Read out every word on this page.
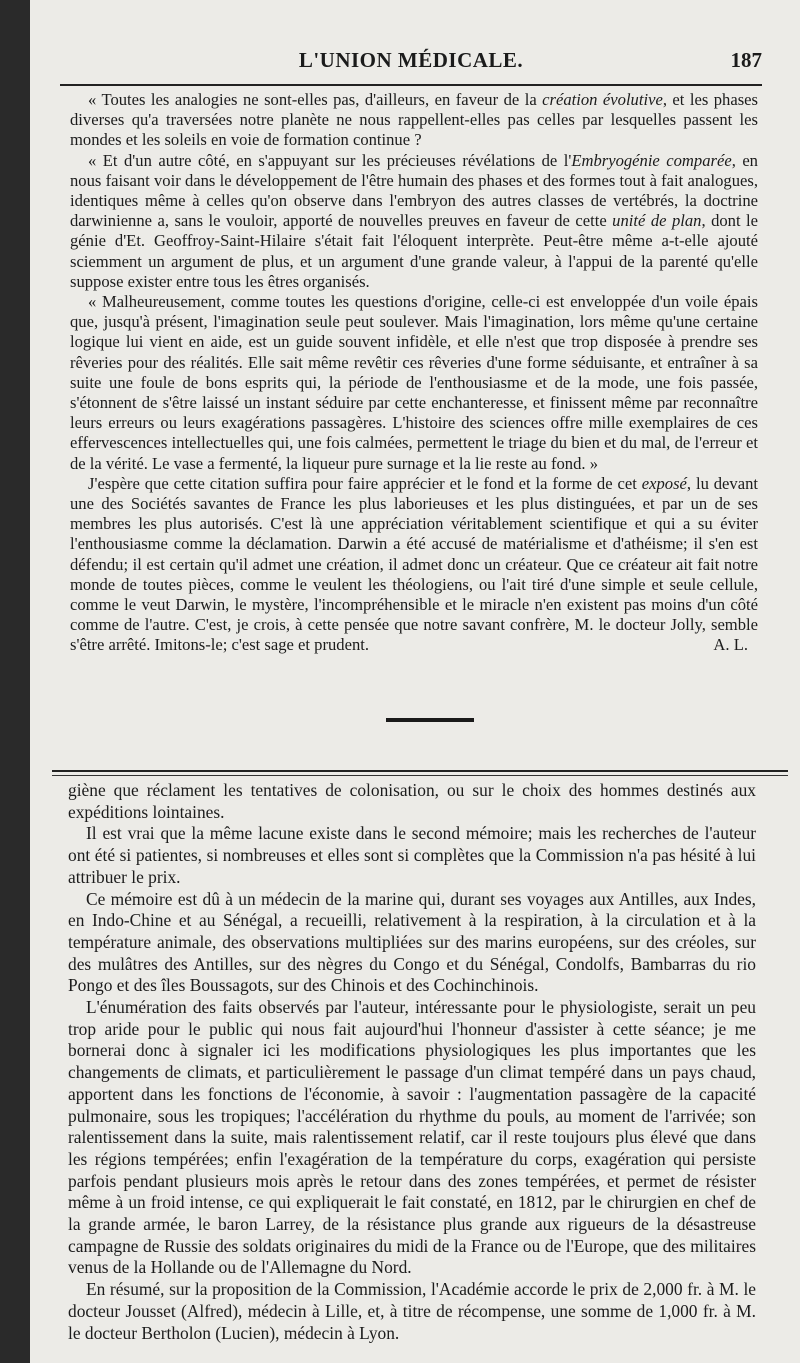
L'UNION MÉDICALE.	187

« Toutes les analogies ne sont-elles pas, d'ailleurs, en faveur de la création évolutive, et les phases diverses qu'a traversées notre planète ne nous rappellent-elles pas celles par lesquelles passent les mondes et les soleils en voie de formation continue ?

« Et d'un autre côté, en s'appuyant sur les précieuses révélations de l'Embryogénie comparée, en nous faisant voir dans le développement de l'être humain des phases et des formes tout à fait analogues, identiques même à celles qu'on observe dans l'embryon des autres classes de vertébrés, la doctrine darwinienne a, sans le vouloir, apporté de nouvelles preuves en faveur de cette unité de plan, dont le génie d'Et. Geoffroy-Saint-Hilaire s'était fait l'éloquent interprète. Peut-être même a-t-elle ajouté sciemment un argument de plus, et un argument d'une grande valeur, à l'appui de la parenté qu'elle suppose exister entre tous les êtres organisés.

« Malheureusement, comme toutes les questions d'origine, celle-ci est enveloppée d'un voile épais que, jusqu'à présent, l'imagination seule peut soulever. Mais l'imagination, lors même qu'une certaine logique lui vient en aide, est un guide souvent infidèle, et elle n'est que trop disposée à prendre ses rêveries pour des réalités. Elle sait même revêtir ces rêveries d'une forme séduisante, et entraîner à sa suite une foule de bons esprits qui, la période de l'enthousiasme et de la mode, une fois passée, s'étonnent de s'être laissé un instant séduire par cette enchanteresse, et finissent même par reconnaître leurs erreurs ou leurs exagérations passagères. L'histoire des sciences offre mille exemplaires de ces effervescences intellectuelles qui, une fois calmées, permettent le triage du bien et du mal, de l'erreur et de la vérité. Le vase a fermenté, la liqueur pure surnage et la lie reste au fond. »

J'espère que cette citation suffira pour faire apprécier et le fond et la forme de cet exposé, lu devant une des Sociétés savantes de France les plus laborieuses et les plus distinguées, et par un de ses membres les plus autorisés. C'est là une appréciation véritablement scientifique et qui a su éviter l'enthousiasme comme la déclamation. Darwin a été accusé de matérialisme et d'athéisme; il s'en est défendu; il est certain qu'il admet une création, il admet donc un créateur. Que ce créateur ait fait notre monde de toutes pièces, comme le veulent les théologiens, ou l'ait tiré d'une simple et seule cellule, comme le veut Darwin, le mystère, l'incompréhensible et le miracle n'en existent pas moins d'un côté comme de l'autre. C'est, je crois, à cette pensée que notre savant confrère, M. le docteur Jolly, semble s'être arrêté. Imitons-le; c'est sage et prudent.	A. L.

giène que réclament les tentatives de colonisation, ou sur le choix des hommes destinés aux expéditions lointaines.

Il est vrai que la même lacune existe dans le second mémoire; mais les recherches de l'auteur ont été si patientes, si nombreuses et elles sont si complètes que la Commission n'a pas hésité à lui attribuer le prix.

Ce mémoire est dû à un médecin de la marine qui, durant ses voyages aux Antilles, aux Indes, en Indo-Chine et au Sénégal, a recueilli, relativement à la respiration, à la circulation et à la température animale, des observations multipliées sur des marins européens, sur des créoles, sur des mulâtres des Antilles, sur des nègres du Congo et du Sénégal, Condolfs, Bambarras du rio Pongo et des îles Boussagots, sur des Chinois et des Cochinchinois.

L'énumération des faits observés par l'auteur, intéressante pour le physiologiste, serait un peu trop aride pour le public qui nous fait aujourd'hui l'honneur d'assister à cette séance; je me bornerai donc à signaler ici les modifications physiologiques les plus importantes que les changements de climats, et particulièrement le passage d'un climat tempéré dans un pays chaud, apportent dans les fonctions de l'économie, à savoir : l'augmentation passagère de la capacité pulmonaire, sous les tropiques; l'accélération du rhythme du pouls, au moment de l'arrivée; son ralentissement dans la suite, mais ralentissement relatif, car il reste toujours plus élevé que dans les régions tempérées; enfin l'exagération de la température du corps, exagération qui persiste parfois pendant plusieurs mois après le retour dans des zones tempérées, et permet de résister même à un froid intense, ce qui expliquerait le fait constaté, en 1812, par le chirurgien en chef de la grande armée, le baron Larrey, de la résistance plus grande aux rigueurs de la désastreuse campagne de Russie des soldats originaires du midi de la France ou de l'Europe, que des militaires venus de la Hollande ou de l'Allemagne du Nord.

En résumé, sur la proposition de la Commission, l'Académie accorde le prix de 2,000 fr. à M. le docteur Jousset (Alfred), médecin à Lille, et, à titre de récompense, une somme de 1,000 fr. à M. le docteur Bertholon (Lucien), médecin à Lyon.
